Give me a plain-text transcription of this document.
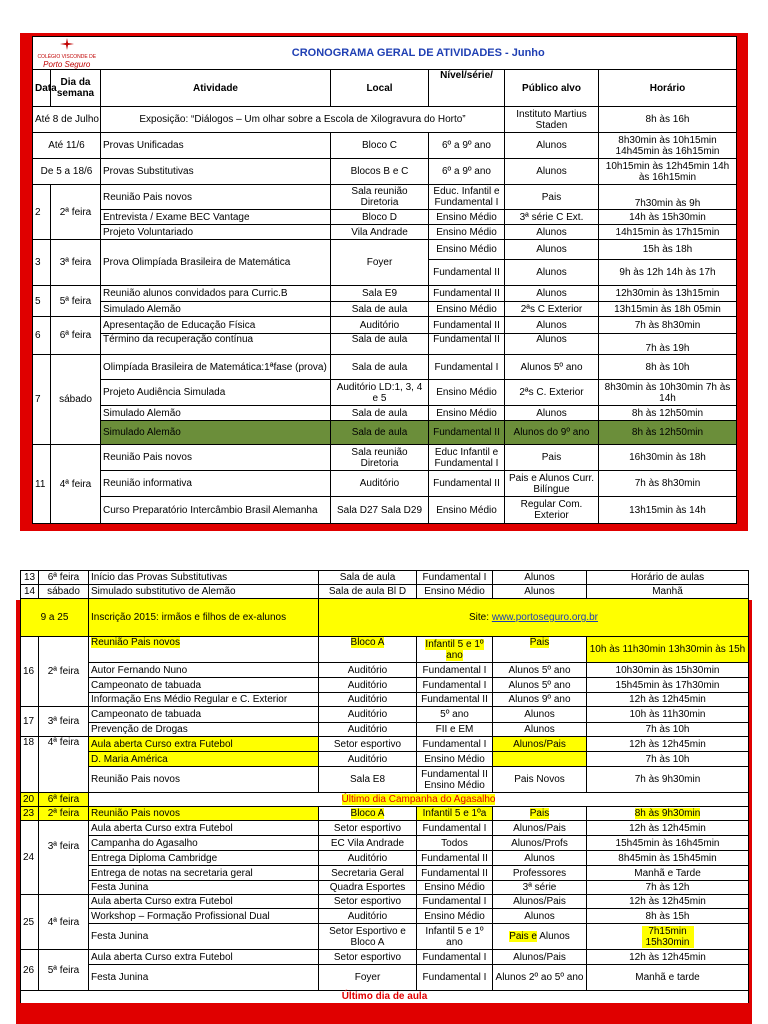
COLÉGIO VISCONDE DE
Porto Seguro		CRONOGRAMA GERAL DE ATIVIDADES - Junho				
Data	Dia da semana	Atividade	Local	Nível/série/	Público alvo	Horário
Até 8 de Julho		Exposição: “Diálogos – Um olhar sobre a Escola de Xilogravura do Horto”			Instituto Martius Staden	8h às 16h
Até 11/6		Provas Unificadas	Bloco C	6º a 9º ano	Alunos	8h30min às 10h15min 14h45min às 16h15min
De 5 a 18/6		Provas Substitutivas	Blocos B e C	6º a 9º ano	Alunos	10h15min às 12h45min 14h às 16h15min
2	2ª feira	Reunião Pais novos	Sala reunião Diretoria	Educ. Infantil e Fundamental I	Pais	7h30min às 9h
		Entrevista / Exame BEC Vantage	Bloco D	Ensino Médio	3ª série C Ext.	14h às 15h30min
		Projeto Voluntariado	Vila Andrade	Ensino Médio	Alunos	14h15min às 17h15min
3	3ª feira	Prova Olimpíada Brasileira de Matemática	Foyer	Ensino Médio	Alunos	15h às 18h
				Fundamental II	Alunos	9h às 12h 14h às 17h
5	5ª feira	Reunião alunos convidados para Curric.B	Sala E9	Fundamental II	Alunos	12h30min às 13h15min
		Simulado Alemão	Sala de aula	Ensino Médio	2ªs C Exterior	13h15min às 18h 05min
6	6ª feira	Apresentação de Educação Física	Auditório	Fundamental II	Alunos	7h às 8h30min
		Término da recuperação contínua	Sala de aula	Fundamental II	Alunos	7h às 19h
7	sábado	Olimpíada Brasileira de Matemática:1ªfase (prova)	Sala de aula	Fundamental I	Alunos 5º ano	8h às 10h
		Projeto Audiência Simulada	Auditório LD:1, 3, 4 e 5	Ensino Médio	2ªs C. Exterior	8h30min às 10h30min 7h às 14h
		Simulado Alemão	Sala de aula	Ensino Médio	Alunos	8h às 12h50min
		Simulado Alemão	Sala de aula	Fundamental II	Alunos do 9º ano	8h às 12h50min
11	4ª feira	Reunião Pais novos	Sala reunião Diretoria	Educ Infantil e Fundamental I	Pais	16h30min às 18h
		Reunião informativa	Auditório	Fundamental II	Pais e Alunos Curr. Bilíngue	7h às 8h30min
		Curso Preparatório Intercâmbio Brasil Alemanha	Sala D27 Sala D29	Ensino Médio	Regular Com. Exterior	13h15min às 14h
13	6ª feira	Início das Provas Substitutivas	Sala de aula	Fundamental I	Alunos	Horário de aulas
14	sábado	Simulado substitutivo de Alemão	Sala de aula Bl D	Ensino Médio	Alunos	Manhã
9 a 25		Inscrição 2015: irmãos e filhos de ex-alunos	Site: www.portoseguro.org.br			
16	2ª feira	Reunião Pais novos	Bloco A	Infantil 5 e 1º ano	Pais	10h às 11h30min 13h30min às 15h
		Autor Fernando Nuno	Auditório	Fundamental I	Alunos 5º ano	10h30min às 15h30min
		Campeonato de tabuada	Auditório	Fundamental I	Alunos 5º ano	15h45min às 17h30min
		Informação Ens Médio Regular e C. Exterior	Auditório	Fundamental II	Alunos 9º ano	12h às 12h45min
17	3ª feira	Campeonato de tabuada	Auditório	5º ano	Alunos	10h às 11h30min
		Prevenção de Drogas	Auditório	FII e EM	Alunos	7h às 10h
18	4ª feira	Aula aberta Curso extra Futebol	Setor esportivo	Fundamental I	Alunos/Pais	12h às 12h45min
		D. Maria América	Auditório	Ensino Médio		7h às 10h
		Reunião Pais novos	Sala E8	Fundamental II Ensino Médio	Pais Novos	7h às 9h30min
20	6ª feira	Último dia Campanha do Agasalho				
23	2ª feira	Reunião Pais novos	Bloco A	Infantil 5 e 1ºa	Pais	8h às 9h30min
24	3ª feira	Aula aberta Curso extra Futebol	Setor esportivo	Fundamental I	Alunos/Pais	12h às 12h45min
		Campanha do Agasalho	EC Vila Andrade	Todos	Alunos/Profs	15h45min às 16h45min
		Entrega Diploma Cambridge	Auditório	Fundamental II	Alunos	8h45min às 15h45min
		Entrega de notas na secretaria geral	Secretaria Geral	Fundamental II	Professores	Manhã e Tarde
		Festa Junina	Quadra Esportes	Ensino Médio	3ª série	7h às 12h
25	4ª feira	Aula aberta Curso extra Futebol	Setor esportivo	Fundamental I	Alunos/Pais	12h às 12h45min
		Workshop – Formação Profissional Dual	Auditório	Ensino Médio	Alunos	8h às 15h
		Festa Junina	Setor Esportivo e Bloco A	Infantil 5 e 1º ano	Pais e Alunos	7h15min 15h30min
26	5ª feira	Aula aberta Curso extra Futebol	Setor esportivo	Fundamental I	Alunos/Pais	12h às 12h45min
		Festa Junina	Foyer	Fundamental I	Alunos 2º ao 5º ano	Manhã e tarde
Último dia de aula						
